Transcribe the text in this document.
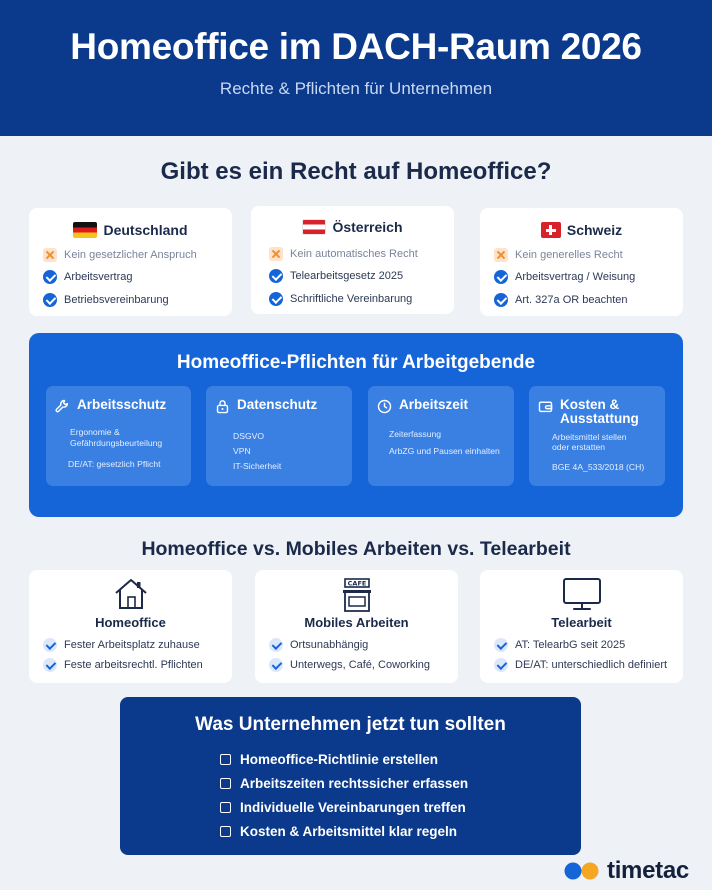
Homeoffice im DACH-Raum 2026
Rechte & Pflichten für Unternehmen
Gibt es ein Recht auf Homeoffice?
Deutschland
Kein gesetzlicher Anspruch
Arbeitsvertrag
Betriebsvereinbarung
Österreich
Kein automatisches Recht
Telearbeitsgesetz 2025
Schriftliche Vereinbarung
Schweiz
Kein generelles Recht
Arbeitsvertrag / Weisung
Art. 327a OR beachten
Homeoffice-Pflichten für Arbeitgebende
Arbeitsschutz
Ergonomie &
Gefährdungsbeurteilung
DE/AT: gesetzlich Pflicht
Datenschutz
DSGVO
VPN
IT-Sicherheit
Arbeitszeit
Zeiterfassung
ArbZG und Pausen einhalten
Kosten &
Ausstattung
Arbeitsmittel stellen
oder erstatten
BGE 4A_533/2018 (CH)
Homeoffice vs. Mobiles Arbeiten vs. Telearbeit
Homeoffice
Fester Arbeitsplatz zuhause
Feste arbeitsrechtl. Pflichten
CAFE
Mobiles Arbeiten
Ortsunabhängig
Unterwegs, Café, Coworking
Telearbeit
AT: TelearbG seit 2025
DE/AT: unterschiedlich definiert
Was Unternehmen jetzt tun sollten
Homeoffice-Richtlinie erstellen
Arbeitszeiten rechtssicher erfassen
Individuelle Vereinbarungen treffen
Kosten & Arbeitsmittel klar regeln
timetac
